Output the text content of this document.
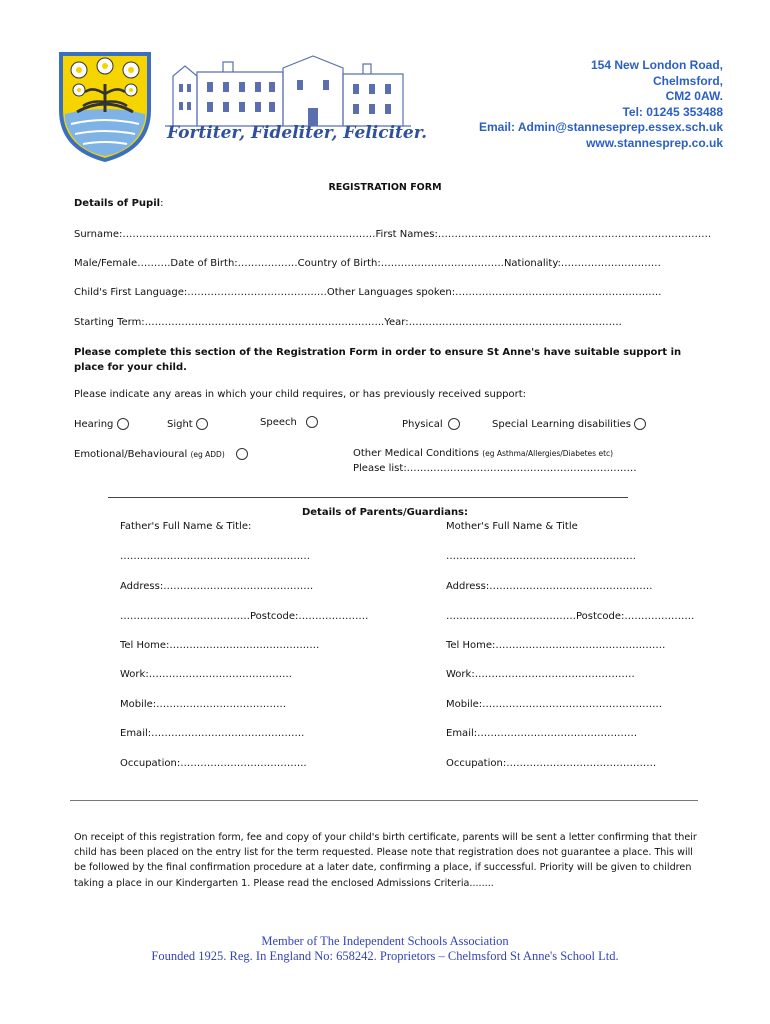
Fortiter, Fideliter, Feliciter.
154 New London Road,
Chelmsford,
CM2 0AW.
Tel: 01245 353488
Email: Admin@stanneseprep.essex.sch.uk
www.stannesprep.co.uk
REGISTRATION FORM
Details of Pupil:
Surname:………………………………………………………….………First Names:……………………………………………………………………….
Male/Female……….Date of Birth:………………Country of Birth:……………………………….Nationality:…………………………
Child's First Language:………………………………..….Other Languages spoken:………………………………………………….….
Starting Term:…………………………………………………….………..Year:……………………………………………………….
Please complete this section of the Registration Form in order to ensure St Anne's have suitable support in place for your child.
Please indicate any areas in which your child requires, or has previously received support:
Hearing	Sight	Speech	Physical	Special Learning disabilities
Emotional/Behavioural (eg ADD)	Other Medical Conditions (eg Asthma/Allergies/Diabetes etc)
Please list:……………………………………………………………
Details of Parents/Guardians:
Father's Full Name & Title:	Mother's Full Name & Title
…………………………………………………	…………………………………………………
Address:………………………………………	Address:………………………………………….
…………………………………Postcode:…………………	…………………………………Postcode:…………………
Tel Home:………………………………………	Tel Home:……………………………………………
Work:…………………………………….	Work:…………………………………………
Mobile:…………………………………	Mobile:………………………………………………
Email:……………………………………….	Email:…………………………………………
Occupation:………………………………..	Occupation:………………………………………
On receipt of this registration form, fee and copy of your child's birth certificate, parents will be sent a letter confirming that their child has been placed on the entry list for the term requested. Please note that registration does not guarantee a place. This will be followed by the final confirmation procedure at a later date, confirming a place, if successful. Priority will be given to children taking a place in our Kindergarten 1. Please read the enclosed Admissions Criteria........
Member of The Independent Schools Association
Founded 1925. Reg. In England No: 658242. Proprietors – Chelmsford St Anne's School Ltd.
